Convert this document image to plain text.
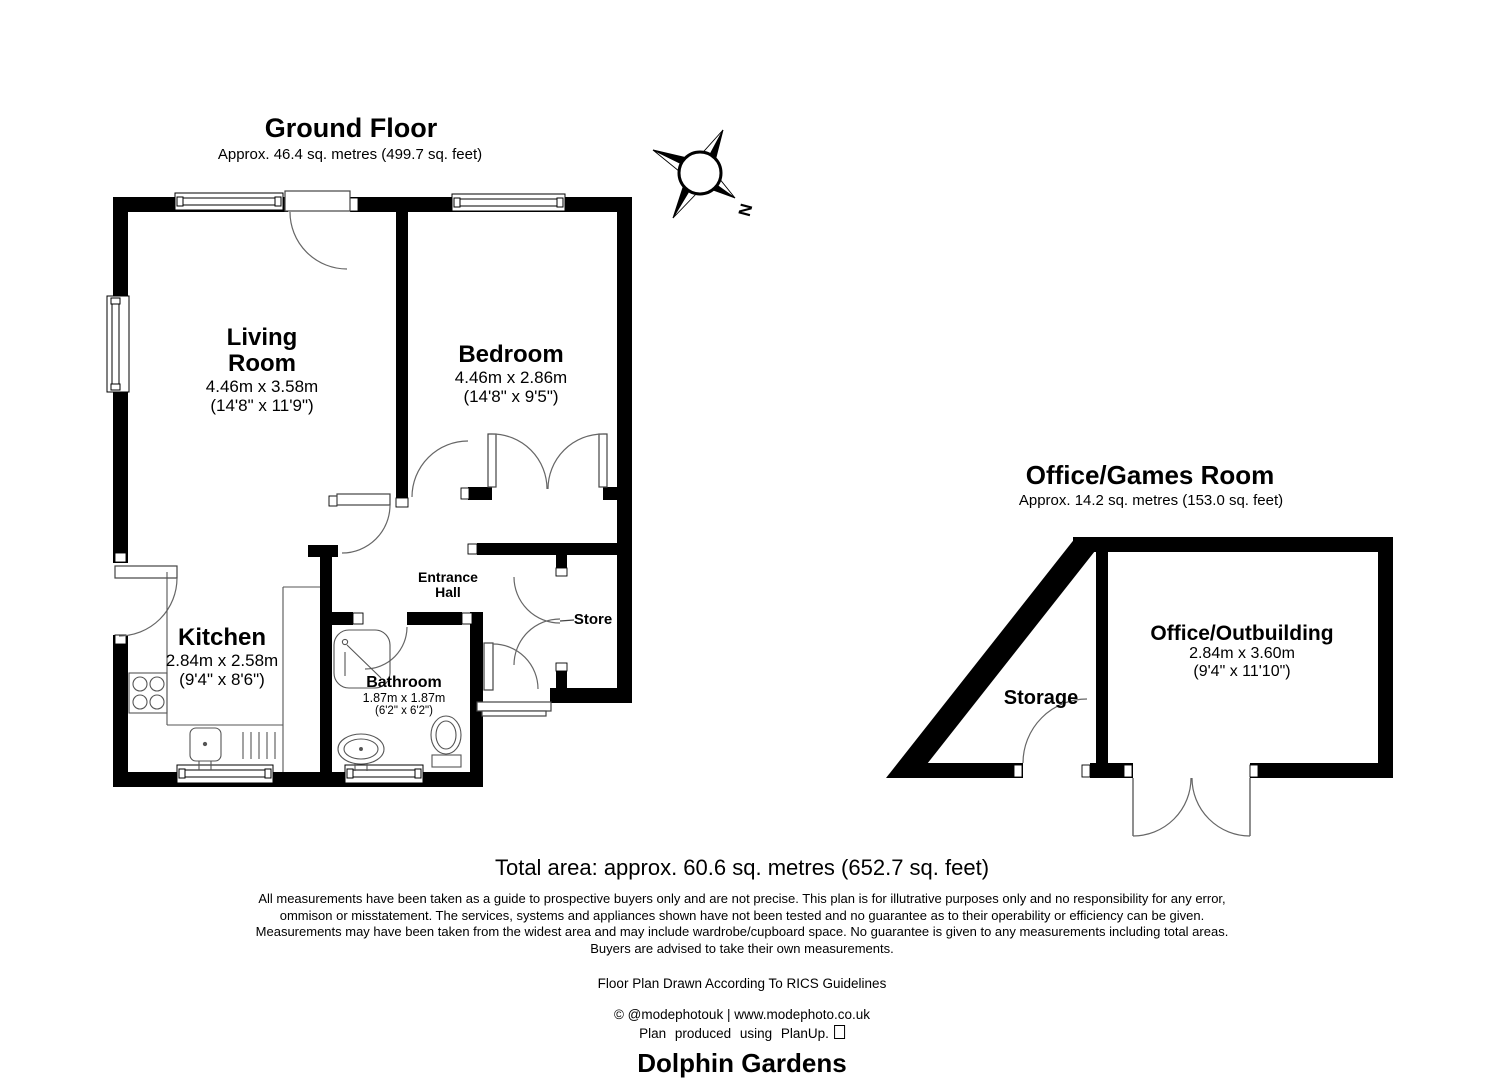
N
Ground Floor
Approx. 46.4 sq. metres (499.7 sq. feet)
Living
Room
4.46m x 3.58m
(14'8" x 11'9")
Bedroom
4.46m x 2.86m
(14'8" x 9'5")
Kitchen
2.84m x 2.58m
(9'4" x 8'6")
Entrance
Hall
Store
Bathroom
1.87m x 1.87m
(6'2" x 6'2")
Office/Games Room
Approx. 14.2 sq. metres (153.0 sq. feet)
Office/Outbuilding
2.84m x 3.60m
(9'4" x 11'10")
Storage
Total area: approx. 60.6 sq. metres (652.7 sq. feet)
All measurements have been taken as a guide to prospective buyers only and are not precise. This plan is for illutrative purposes only and no responsibility for any error, ommison or misstatement. The services, systems and appliances shown have not been tested and no guarantee as to their operability or efficiency can be given. Measurements may have been taken from the widest area and may include wardrobe/cupboard space. No guarantee is given to any measurements including total areas. Buyers are advised to take their own measurements.
Floor Plan Drawn According To RICS Guidelines
© @modephotouk | www.modephoto.co.uk
Plan produced using PlanUp.
Dolphin Gardens
